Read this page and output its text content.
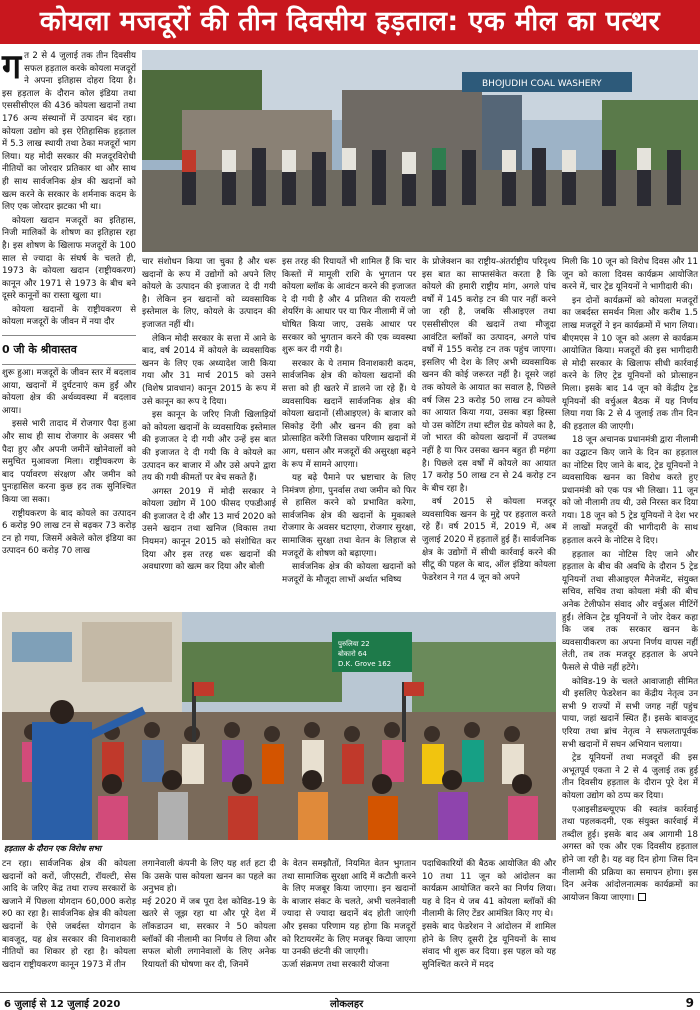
कोयला मजदूरों की तीन दिवसीय हड़ताल: एक मील का पत्थर
ग त 2 से 4 जुलाई तक तीन दिवसीय सफल हड़ताल करके कोयला मजदूरों ने अपना इतिहास दोहरा दिया है। इस हड़ताल के दौरान कोल इंडिया तथा एससीसीएल की 436 कोयला खदानों तथा 176 अन्य संस्थानों में उत्पादन बंद रहा। कोयला उद्योग को इस ऐतिहासिक हड़ताल में 5.3 लाख स्थायी तथा ठेका मजदूरों भाग लिया। यह मोदी सरकार की मजदूरविरोधी नीतियों का जोरदार प्रतिकार था और साथ ही साथ सार्वजनिक क्षेत्र की खदानों को खत्म करने के सरकार के शर्मनाक कदम के लिए एक जोरदार झटका भी था।

कोयला खदान मजदूरों का इतिहास, निजी मालिकों के शोषण का इतिहास रहा है। इस शोषण के खिलाफ मजदूरों के 100 साल से ज्यादा के संघर्ष के चलते ही, 1973 के कोयला खदान (राष्ट्रीयकरण) कानून और 1971 से 1973 के बीच बने दूसरे कानूनों का रास्ता खुला था।

कोयला खदानों के राष्ट्रीयकरण से कोयला मजदूरों के जीवन में नया दौर

0 जी के श्रीवास्तव

शुरू हुआ। मजदूरों के जीवन स्तर में बदलाव आया, खदानों में दुर्घटनाएं कम हुईं और कोयला क्षेत्र की अर्थव्यवस्था में बदलाव आया।

इससे भारी तादाद में रोजगार पैदा हुआ और साथ ही साथ रोजगार के अवसर भी पैदा हुए और अपनी जमीनें खोनेवालों को समुचित मुआवजा मिला। राष्ट्रीयकरण के बाद पर्यावरण संरक्षण और जमीन को पुनःहासिल करना कुछ हद तक सुनिश्चित किया जा सका।

राष्ट्रीयकरण के बाद कोयले का उत्पादन 6 करोड़ 90 लाख टन से बढ़कर 73 करोड़ टन हो गया, जिसमें अकेले कोल इंडिया का उत्पादन 60 करोड़ 70 लाख

BHOJUDIH COAL WASHERY

चार संशोधन किया जा चुका है और धरू खदानों के रूप में उद्योगों को अपने लिए कोयले के उत्पादन की इजाजत दे दी गयी है। लेकिन इन खदानों को व्यवसायिक इस्तेमाल के लिए, कोयले के उत्पादन की इजाजत नहीं थी।

लेकिन मोदी सरकार के सत्ता में आने के बाद, वर्ष 2014 में कोयले के व्यवसायिक खनन के लिए एक अध्यादेश जारी किया गया और 31 मार्च 2015 को उसने (विशेष प्रावधान) कानून 2015 के रूप में उसे कानून का रूप दे दिया।

इस कानून के जरिए निजी खिलाड़ियों को कोयला खदानों के व्यवसायिक इस्तेमाल की इजाजत दे दी गयी और उन्हें इस बात की इजाजत दे दी गयी कि वे कोयले का उत्पादन कर बाजार में और उसे अपने द्वारा तय की गयी कीमतों पर बेच सकते हैं।

अगस्त 2019 में मोदी सरकार ने कोयला उद्योग में 100 फीसद एफडीआई की इजाजत दे दी और 13 मार्च 2020 को उसने खदान तथा खनिज (विकास तथा नियमन) कानून 2015 को संशोधित कर दिया और इस तरह धरू खदानों की अवधारणा को खत्म कर दिया और बोली

इस तरह की रियायतें भी शामिल हैं कि चार किस्तों में मामूली राशि के भुगतान पर कोयला ब्लॉक के आवंटन करने की इजाजत दे दी गयी है और 4 प्रतिशत की रायल्टी शेयरिंग के आधार पर या फिर नीलामी में जो घोषित किया जाए, उसके आधार पर सरकार को भुगतान करने की एक व्यवस्था शुरू कर दी गयी है।

सरकार के ये तमाम विनाशकारी कदम, सार्वजनिक क्षेत्र की कोयला खदानों की सत्ता को ही खतरे में डालने जा रहे हैं। ये व्यवसायिक खदानें सार्वजनिक क्षेत्र की कोयला खदानों (सीआइएल) के बाजार को सिकोड़ देंगी और खनन की हवा को प्रोत्साहित करेंगी जिसका परिणाम खदानों में आग, धसान और मजदूरों की असुरक्षा बढ़ने के रूप में सामने आएगा।

यह बढ़े पैमाने पर भ्रष्टाचार के लिए निमंत्रण होगा, पुनर्वास तथा जमीन को फिर से हासिल करने को प्रभावित करेगा, सार्वजनिक क्षेत्र की खदानों के मुकाबले रोजगार के अवसर घटाएगा, रोजगार सुरक्षा, सामाजिक सुरक्षा तथा वेतन के लिहाज से मजदूरों के शोषण को बढ़ाएगा।

सार्वजनिक क्षेत्र की कोयला खदानों को मजदूरों के मौजूदा लाभों अर्थात भविष्य

के प्रोजेक्शन का राष्ट्रीय-अंतर्राष्ट्रीय परिदृश्य इस बात का साफ्तसंकेत करता है कि कोयले की हमारी राष्ट्रीय मांग, अगले पांच वर्षों में 145 करोड़ टन की पार नहीं करने जा रही है, जबकि सीआइएल तथा एससीसीएल की खदानें तथा मौजूदा आवंटित ब्लॉकों का उत्पादन, अगले पांच वर्षों में 155 करोड़ टन तक पहुंच जाएगा। इसलिए भी देश के लिए अभी व्यवसायिक खनन की कोई जरूरत नहीं है। दूसरे जहां तक कोयले के आयात का सवाल है, पिछले वर्ष जिस 23 करोड़ 50 लाख टन कोयले का आयात किया गया, उसका बड़ा हिस्सा यो उस कोटिंग तथा स्टील ग्रेड कोयले का है, जो भारत की कोयला खदानों में उपलब्ध नहीं है या फिर उसका खनन बहुत ही महंगा है। पिछले दस वर्षों में कोयले का आयात 17 करोड़ 50 लाख टन से 24 करोड़ टन के बीच रहा है।

वर्ष 2015 से कोयला मजदूर व्यवसायिक खनन के मुद्दे पर हड़ताल करते रहे हैं। वर्ष 2015 में, 2019 में, अब जुलाई 2020 में हड़तालें हुई हैं। सार्वजनिक क्षेत्र के उद्योगों में सीधी कार्रवाई करने की सीटू की पहल के बाद, ऑल इंडिया कोयला फेडरेशन ने गत 4 जून को अपने

मिली कि 10 जून को विरोध दिवस और 11 जून को काला दिवस कार्यक्रम आयोजित करने में, चार ट्रेड यूनियनों ने भागीदारी की।

इन दोनों कार्यक्रमों को कोयला मजदूरों का जबर्दस्त समर्थन मिला और करीब 1.5 लाख मजदूरों ने इन कार्यक्रमों में भाग लिया। बीएमएस ने 10 जून को अलग से कार्यक्रम आयोजित किया। मजदूरों की इस भागीदारी से मोदी सरकार के खिलाफ सीधी कार्रवाई करने के लिए ट्रेड यूनियनों को प्रोत्साहन मिला। इसके बाद 14 जून को केंद्रीय ट्रेड यूनियनों की वर्चुअल बैठक में यह निर्णय लिया गया कि 2 से 4 जुलाई तक तीन दिन की हड़ताल की जाएगी।

18 जून अचानक प्रधानमंत्री द्वारा नीलामी का उद्घाटन किए जाने के दिन का हड़ताल का नोटिस दिए जाने के बाद, ट्रेड यूनियनों ने व्यवसायिक खनन का विरोध करते हुए प्रधानमंत्री को एक पत्र भी लिखा। 11 जून को जो नीलामी तय थी, उसे निरस्त कर दिया गया। 18 जून को 5 ट्रेड यूनियनों ने देश भर में लाखों मजदूरों की भागीदारी के साथ हड़ताल करने के नोटिस दे दिए।

हड़ताल का नोटिस दिए जाने और हड़ताल के बीच की अवधि के दौरान 5 ट्रेड यूनियनों तथा सीआइएल मैनेजमेंट, संयुक्त सचिव, सचिव तथा कोयला मंत्री की बीच अनेक टेलीफोन संवाद और वर्चुअल मीटिंगें हुईं। लेकिन ट्रेड यूनियनों ने जोर देकर कहा कि जब तक सरकार खनन के व्यवसायीकरण का अपना निर्णय वापस नहीं लेती, तब तक मजदूर हड़ताल के अपने फैसले से पीछे नहीं हटेंगे।

कोविड-19 के चलते आवाजाही सीमित थी इसलिए फेडरेशन का केंद्रीय नेतृत्व उन सभी 9 राज्यों में सभी जगह नहीं पहुंच पाया, जहां खदानें स्थित हैं। इसके बावजूद एरिया तथा ब्रांच नेतृत्व ने सफलतापूर्वक सभी खदानों में सघन अभियान चलाया।

ट्रेड यूनियनों तथा मजदूरों की इस अभूतपूर्व एकता ने 2 से 4 जुलाई तक हुई तीन दिवसीय हड़ताल के दौरान पूरे देश में कोयला उद्योग को ठप्प कर दिया।

एआइसीडब्ल्यूएफ की स्वतंत्र कार्रवाई तथा पहलकदमी, एक संयुक्त कार्रवाई में तब्दील हुई। इसके बाद अब आगामी 18 अगस्त को एक और एक दिवसीय हड़ताल होने जा रही है। यह वह दिन होगा जिस दिन नीलामी की प्रक्रिया का समापन होगा। इस दिन अनेक आंदोलनात्मक कार्यक्रमों का आयोजन किया जाएगा।

पुरुलिया 22 बोकारो 64 D.K. Grove 162
हड़ताल के दौरान एक विरोध सभा

टन रहा। सार्वजनिक क्षेत्र की कोयला खदानों को करों, जीएसटी, रॉयल्टी, सेस आदि के जरिए केंद्र तथा राज्य सरकारों के खजाने में पिछला योगदान 60,000 करोड़ रु0 का रहा है। सार्वजनिक क्षेत्र की कोयला खदानों के ऐसे जबर्दस्त योगदान के बावजूद, यह क्षेत्र सरकार की विनाशकारी नीतियों का शिकार हो रहा है। कोयला खदान राष्ट्रीयकरण कानून 1973 में तीन

लगानेवाली कंपनी के लिए यह शर्त हटा दी कि उसके पास कोयला खनन का पहले का अनुभव हो।
मई 2020 में जब पूरा देश कोविड-19 के खतरे से जूझ रहा था और पूरे देश में लॉकडाउन था, सरकार ने 50 कोयला ब्लॉकों की नीलामी का निर्णय ले लिया और सफल बोली लगानेवालों के लिए अनेक रियायतों की घोषणा कर दी, जिनमें

के वेतन समझौतों, नियमित वेतन भुगतान तथा सामाजिक सुरक्षा आदि में कटौती करने के लिए मजबूर किया जाएगा। इन खदानों के बाजार संकट के चलते, अभी चलनेवाली ज्यादा से ज्यादा खदानें बंद होती जाएंगी और इसका परिणाम यह होगा कि मजदूरों को रिटायरमेंट के लिए मजबूर किया जाएगा या उनकी छंटनी की जाएगी।
ऊर्जा संक्रमण तथा सरकारी योजना

पदाधिकारियों की बैठक आयोजित की और 10 तथा 11 जून को आंदोलन का कार्यक्रम आयोजित करने का निर्णय लिया। यह वे दिन थे जब 41 कोयला ब्लॉकों की नीलामी के लिए टेंडर आमंत्रित किए गए थे।
इसके बाद फेडरेशन ने आंदोलन में शामिल होने के लिए दूसरी ट्रेड यूनियनों के साथ संवाद भी शुरू कर दिया। इस पहल को यह सुनिश्चित करने में मदद

6 जुलाई से 12 जुलाई 2020	लोकलहर	9
